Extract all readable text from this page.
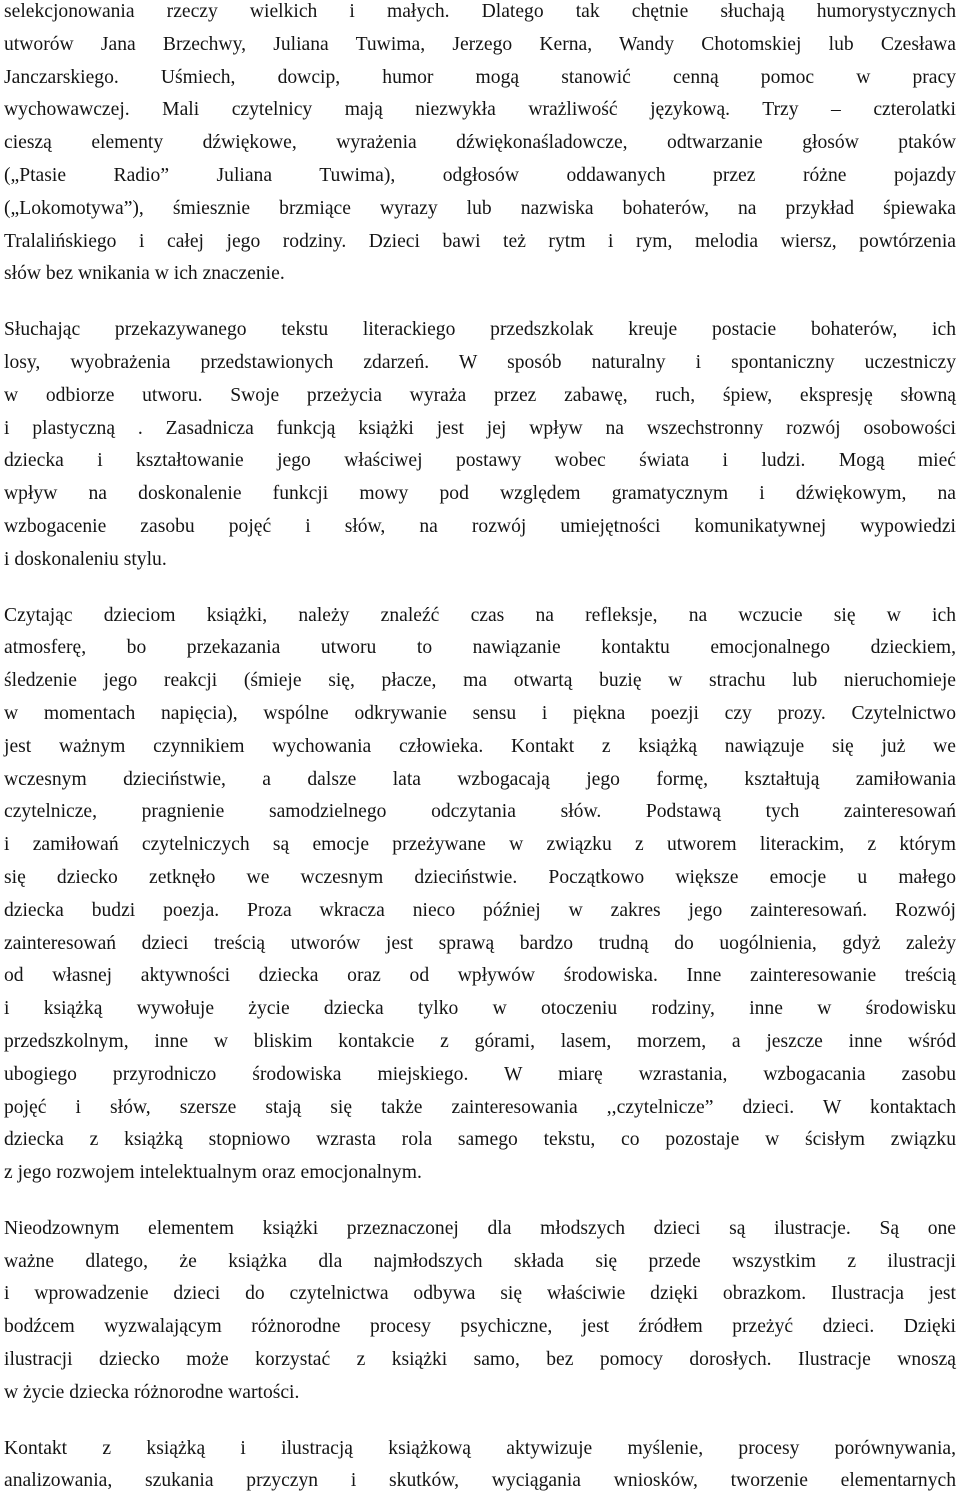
selekcjonowania rzeczy wielkich i małych. Dlatego tak chętnie słuchają humorystycznych
utworów Jana Brzechwy, Juliana Tuwima, Jerzego Kerna, Wandy Chotomskiej lub Czesława
Janczarskiego. Uśmiech, dowcip, humor mogą stanowić cenną pomoc w pracy
wychowawczej. Mali czytelnicy mają niezwykła wrażliwość językową. Trzy – czterolatki
cieszą elementy dźwiękowe, wyrażenia dźwiękonaśladowcze, odtwarzanie głosów ptaków
(„Ptasie Radio” Juliana Tuwima), odgłosów oddawanych przez różne pojazdy
(„Lokomotywa”), śmiesznie brzmiące wyrazy lub nazwiska bohaterów, na przykład śpiewaka
Tralalińskiego i całej jego rodziny. Dzieci bawi też rytm i rym, melodia wiersz, powtórzenia
słów bez wnikania w ich znaczenie.

Słuchając przekazywanego tekstu literackiego przedszkolak kreuje postacie bohaterów, ich
losy, wyobrażenia przedstawionych zdarzeń. W sposób naturalny i spontaniczny uczestniczy
w odbiorze utworu. Swoje przeżycia wyraża przez zabawę, ruch, śpiew, ekspresję słowną
i plastyczną . Zasadnicza funkcją książki jest jej wpływ na wszechstronny rozwój osobowości
dziecka i kształtowanie jego właściwej postawy wobec świata i ludzi. Mogą mieć
wpływ na doskonalenie funkcji mowy pod względem gramatycznym i dźwiękowym, na
wzbogacenie zasobu pojęć i słów, na rozwój umiejętności komunikatywnej wypowiedzi
i doskonaleniu stylu.

Czytając dzieciom książki, należy znaleźć czas na refleksje, na wczucie się w ich
atmosferę, bo przekazania utworu to nawiązanie kontaktu emocjonalnego dzieckiem,
śledzenie jego reakcji (śmieje się, płacze, ma otwartą buzię w strachu lub nieruchomieje
w momentach napięcia), wspólne odkrywanie sensu i piękna poezji czy prozy. Czytelnictwo
jest ważnym czynnikiem wychowania człowieka. Kontakt z książką nawiązuje się już we
wczesnym dzieciństwie, a dalsze lata wzbogacają jego formę, kształtują zamiłowania
czytelnicze, pragnienie samodzielnego odczytania słów. Podstawą tych zainteresowań
i zamiłowań czytelniczych są emocje przeżywane w związku z utworem literackim, z którym
się dziecko zetknęło we wczesnym dzieciństwie. Początkowo większe emocje u małego
dziecka budzi poezja. Proza wkracza nieco później w zakres jego zainteresowań. Rozwój
zainteresowań dzieci treścią utworów jest sprawą bardzo trudną do uogólnienia, gdyż zależy
od własnej aktywności dziecka oraz od wpływów środowiska. Inne zainteresowanie treścią
i książką wywołuje życie dziecka tylko w otoczeniu rodziny, inne w środowisku
przedszkolnym, inne w bliskim kontakcie z górami, lasem, morzem, a jeszcze inne wśród
ubogiego przyrodniczo środowiska miejskiego. W miarę wzrastania, wzbogacania zasobu
pojęć i słów, szersze stają się także zainteresowania ,,czytelnicze” dzieci. W kontaktach
dziecka z książką stopniowo wzrasta rola samego tekstu, co pozostaje w ścisłym związku
z jego rozwojem intelektualnym oraz emocjonalnym.

Nieodzownym elementem książki przeznaczonej dla młodszych dzieci są ilustracje. Są one
ważne dlatego, że książka dla najmłodszych składa się przede wszystkim z ilustracji
i wprowadzenie dzieci do czytelnictwa odbywa się właściwie dzięki obrazkom. Ilustracja jest
bodźcem wyzwalającym różnorodne procesy psychiczne, jest źródłem przeżyć dzieci. Dzięki
ilustracji dziecko może korzystać z książki samo, bez pomocy dorosłych. Ilustracje wnoszą
w życie dziecka różnorodne wartości.

Kontakt z książką i ilustracją książkową aktywizuje myślenie, procesy porównywania,
analizowania, szukania przyczyn i skutków, wyciągania wniosków, tworzenie elementarnych
